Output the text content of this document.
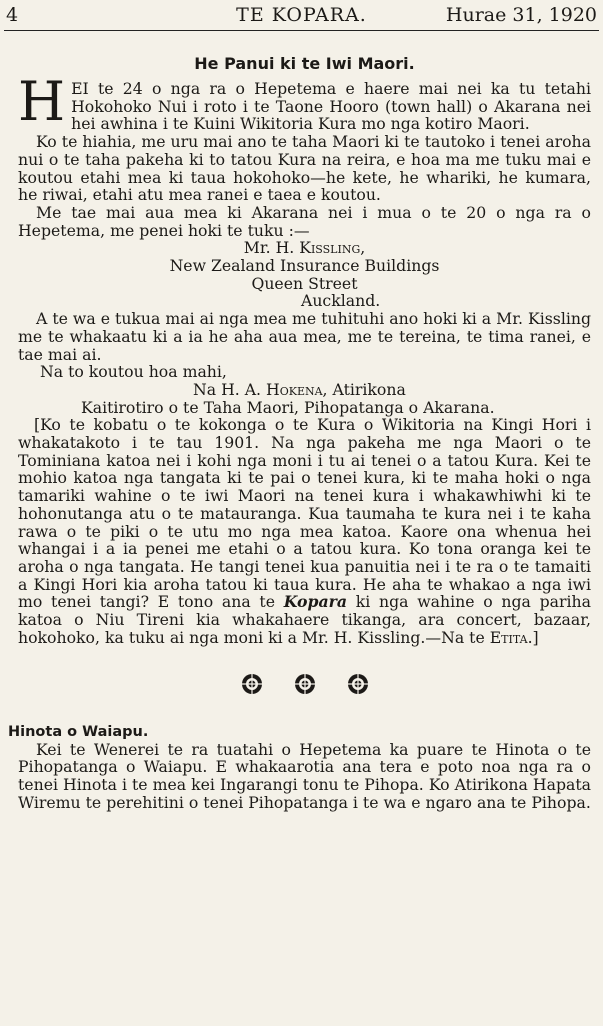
4	TE KOPARA.	Hurae 31, 1920
He Panui ki te Iwi Maori.

HEI te 24 o nga ra o Hepetema e haere mai nei ka tu tetahi Hokohoko Nui i roto i te Taone Hooro (town hall) o Akarana nei hei awhina i te Kuini Wikitoria Kura mo nga kotiro Maori.

Ko te hiahia, me uru mai ano te taha Maori ki te tautoko i tenei aroha nui o te taha pakeha ki to tatou Kura na reira, e hoa ma me tuku mai e koutou etahi mea ki taua hokohoko—he kete, he whariki, he kumara, he riwai, etahi atu mea ranei e taea e koutou.

Me tae mai aua mea ki Akarana nei i mua o te 20 o nga ra o Hepetema, me penei hoki te tuku :—

Mr. H. Kissling,
New Zealand Insurance Buildings
Queen Street
Auckland.

A te wa e tukua mai ai nga mea me tuhituhi ano hoki ki a Mr. Kissling me te whakaatu ki a ia he aha aua mea, me te tereina, te tima ranei, e tae mai ai.

Na to koutou hoa mahi,
Na H. A. Hokena, Atirikona
Kaitirotiro o te Taha Maori, Pihopatanga o Akarana.

[Ko te kobatu o te kokonga o te Kura o Wikitoria na Kingi Hori i whakatakoto i te tau 1901. Na nga pakeha me nga Maori o te Tominiana katoa nei i kohi nga moni i tu ai tenei o a tatou Kura. Kei te mohio katoa nga tangata ki te pai o tenei kura, ki te maha hoki o nga tamariki wahine o te iwi Maori na tenei kura i whakawhiwhi ki te hohonutanga atu o te matauranga. Kua taumaha te kura nei i te kaha rawa o te piki o te utu mo nga mea katoa. Kaore ona whenua hei whangai i a ia penei me etahi o a tatou kura. Ko tona oranga kei te aroha o nga tangata. He tangi tenei kua panuitia nei i te ra o te tamaiti a Kingi Hori kia aroha tatou ki taua kura. He aha te whakao a nga iwi mo tenei tangi? E tono ana te Kopara ki nga wahine o nga pariha katoa o Niu Tireni kia whakahaere tikanga, ara concert, bazaar, hokohoko, ka tuku ai nga moni ki a Mr. H. Kissling.—Na te Etita.]

Hinota o Waiapu.

Kei te Wenerei te ra tuatahi o Hepetema ka puare te Hinota o te Pihopatanga o Waiapu. E whakaarotia ana tera e poto noa nga ra o tenei Hinota i te mea kei Ingarangi tonu te Pihopa. Ko Atirikona Hapata Wiremu te perehitini o tenei Pihopatanga i te wa e ngaro ana te Pihopa.
